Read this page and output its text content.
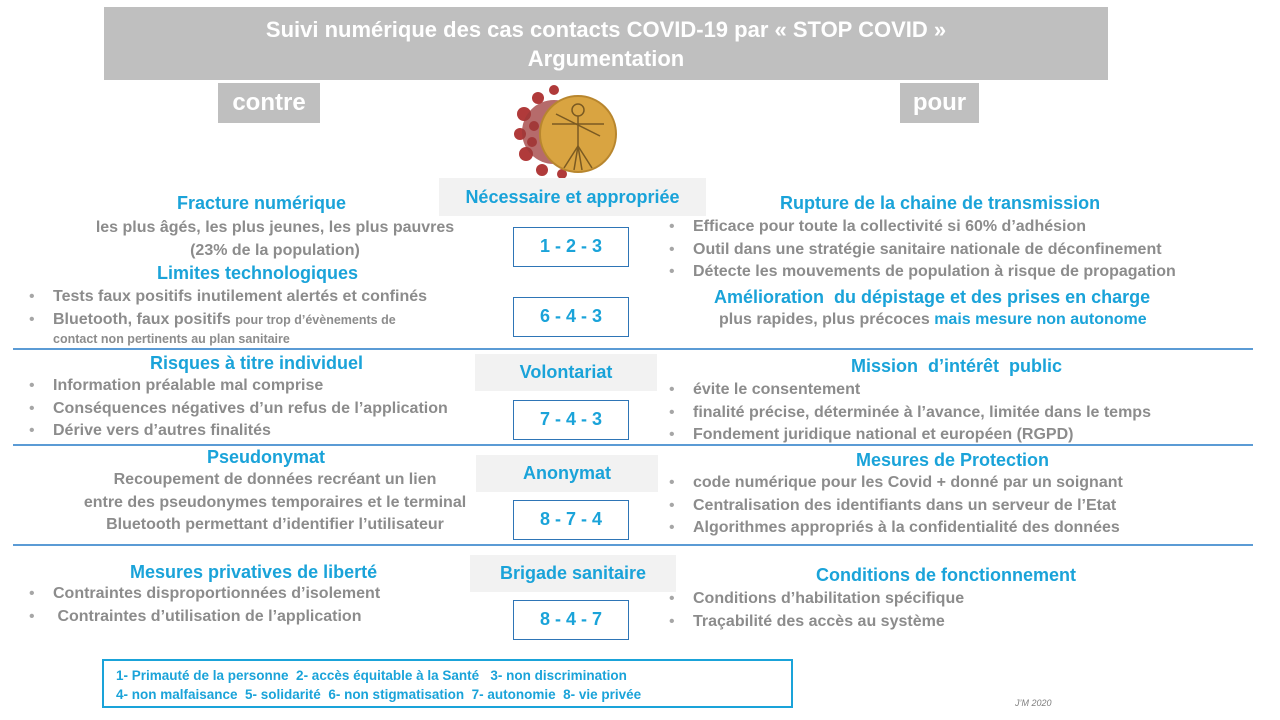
Suivi numérique des cas contacts COVID-19 par « STOP COVID »
Argumentation
contre	pour
Fracture numérique
les plus âgés, les plus jeunes, les plus pauvres
(23% de la population)
Limites technologiques
• Tests faux positifs inutilement alertés et confinés
• Bluetooth, faux positifs pour trop d’évènements de
contact non pertinents au plan sanitaire
Risques à titre individuel
• Information préalable mal comprise
• Conséquences négatives d’un refus de l’application
• Dérive vers d’autres finalités
Pseudonymat
Recoupement de données recréant un lien
entre des pseudonymes temporaires et le terminal
Bluetooth permettant d’identifier l’utilisateur
Mesures privatives de liberté
• Contraintes disproportionnées d’isolement
•  Contraintes d’utilisation de l’application
Nécessaire et appropriée
Volontariat
Anonymat
Brigade sanitaire
1 - 2 - 3
6 - 4 - 3
7 - 4 - 3
8 - 7 - 4
8 - 4 - 7
Rupture de la chaine de transmission
• Efficace pour toute la collectivité si 60% d’adhésion
• Outil dans une stratégie sanitaire nationale de déconfinement
• Détecte les mouvements de population à risque de propagation
Amélioration  du dépistage et des prises en charge
plus rapides, plus précoces mais mesure non autonome
Mission  d’intérêt  public
• évite le consentement
• finalité précise, déterminée à l’avance, limitée dans le temps
• Fondement juridique national et européen (RGPD)
Mesures de Protection
• code numérique pour les Covid + donné par un soignant
• Centralisation des identifiants dans un serveur de l’Etat
• Algorithmes appropriés à la confidentialité des données
Conditions de fonctionnement
• Conditions d’habilitation spécifique
• Traçabilité des accès au système
1- Primauté de la personne  2- accès équitable à la Santé   3- non discrimination
4- non malfaisance  5- solidarité  6- non stigmatisation  7- autonomie  8- vie privée
J’M 2020
